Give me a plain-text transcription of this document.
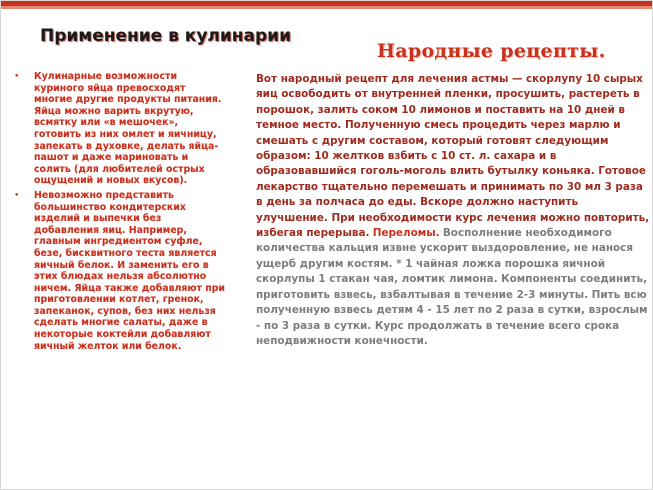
Применение в кулинарии
Народные рецепты.
•	Кулинарные возможности куриного яйца превосходят многие другие продукты питания. Яйца можно варить вкрутую, всмятку или «в мешочек», готовить из них омлет и яичницу, запекать в духовке, делать яйца-пашот и даже мариновать и солить (для любителей острых ощущений и новых вкусов).
•	Невозможно представить большинство кондитерских изделий и выпечки без добавления яиц. Например, главным ингредиентом суфле, безе, бисквитного теста является яичный белок. И заменить его в этих блюдах нельзя абсолютно ничем. Яйца также добавляют при приготовлении котлет, гренок, запеканок, супов, без них нельзя сделать многие салаты, даже в некоторые коктейли добавляют яичный желток или белок.
Вот народный рецепт для лечения астмы — скорлупу 10 сырых яиц освободить от внутренней пленки, просушить, растереть в порошок, залить соком 10 лимонов и поставить на 10 дней в темное место. Полученную смесь процедить через марлю и смешать с другим составом, который готовят следующим образом: 10 желтков взбить с 10 ст. л. сахара и в образовавшийся гоголь-моголь влить бутылку коньяка. Готовое лекарство тщательно перемешать и принимать по 30 мл 3 раза в день за полчаса до еды. Вскоре должно наступить улучшение. При необходимости курс лечения можно повторить, избегая перерыва. Переломы. Восполнение необходимого количества кальция извне ускорит выздоровление, не нанося ущерб другим костям. * 1 чайная ложка порошка яичной скорлупы 1 стакан чая, ломтик лимона. Компоненты соединить, приготовить взвесь, взбалтывая в течение 2-3 минуты. Пить всю полученную взвесь детям 4 - 15 лет по 2 раза в сутки, взрослым - по 3 раза в сутки. Курс продолжать в течение всего срока неподвижности конечности.
